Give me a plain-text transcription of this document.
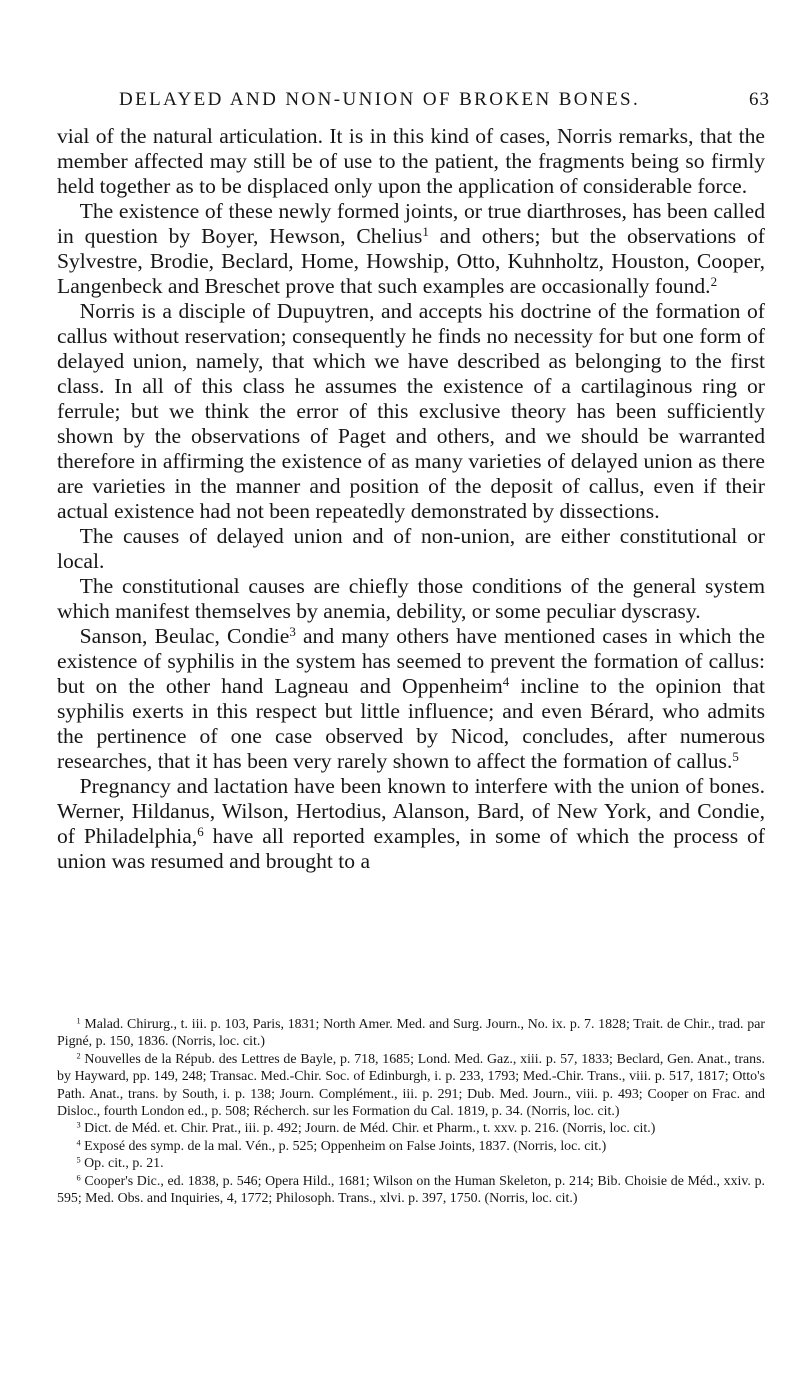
DELAYED AND NON-UNION OF BROKEN BONES.	63

vial of the natural articulation. It is in this kind of cases, Norris remarks, that the member affected may still be of use to the patient, the fragments being so firmly held together as to be displaced only upon the application of considerable force.

The existence of these newly formed joints, or true diarthroses, has been called in question by Boyer, Hewson, Chelius$^1$ and others; but the observations of Sylvestre, Brodie, Beclard, Home, Howship, Otto, Kuhnholtz, Houston, Cooper, Langenbeck and Breschet prove that such examples are occasionally found.$^2$

Norris is a disciple of Dupuytren, and accepts his doctrine of the formation of callus without reservation; consequently he finds no necessity for but one form of delayed union, namely, that which we have described as belonging to the first class. In all of this class he assumes the existence of a cartilaginous ring or ferrule; but we think the error of this exclusive theory has been sufficiently shown by the observations of Paget and others, and we should be warranted therefore in affirming the existence of as many varieties of delayed union as there are varieties in the manner and position of the deposit of callus, even if their actual existence had not been repeatedly demonstrated by dissections.

The causes of delayed union and of non-union, are either constitutional or local.

The constitutional causes are chiefly those conditions of the general system which manifest themselves by anemia, debility, or some peculiar dyscrasy.

Sanson, Beulac, Condie$^3$ and many others have mentioned cases in which the existence of syphilis in the system has seemed to prevent the formation of callus: but on the other hand Lagneau and Oppenheim$^4$ incline to the opinion that syphilis exerts in this respect but little influence; and even Bérard, who admits the pertinence of one case observed by Nicod, concludes, after numerous researches, that it has been very rarely shown to affect the formation of callus.$^5$

Pregnancy and lactation have been known to interfere with the union of bones. Werner, Hildanus, Wilson, Hertodius, Alanson, Bard, of New York, and Condie, of Philadelphia,$^6$ have all reported examples, in some of which the process of union was resumed and brought to a

$^1$ Malad. Chirurg., t. iii. p. 103, Paris, 1831; North Amer. Med. and Surg. Journ., No. ix. p. 7. 1828; Trait. de Chir., trad. par Pigné, p. 150, 1836. (Norris, loc. cit.)

$^2$ Nouvelles de la Répub. des Lettres de Bayle, p. 718, 1685; Lond. Med. Gaz., xiii. p. 57, 1833; Beclard, Gen. Anat., trans. by Hayward, pp. 149, 248; Transac. Med.-Chir. Soc. of Edinburgh, i. p. 233, 1793; Med.-Chir. Trans., viii. p. 517, 1817; Otto's Path. Anat., trans. by South, i. p. 138; Journ. Complément., iii. p. 291; Dub. Med. Journ., viii. p. 493; Cooper on Frac. and Disloc., fourth London ed., p. 508; Récherch. sur les Formation du Cal. 1819, p. 34. (Norris, loc. cit.)

$^3$ Dict. de Méd. et. Chir. Prat., iii. p. 492; Journ. de Méd. Chir. et Pharm., t. xxv. p. 216. (Norris, loc. cit.)

$^4$ Exposé des symp. de la mal. Vén., p. 525; Oppenheim on False Joints, 1837. (Norris, loc. cit.)

$^5$ Op. cit., p. 21.

$^6$ Cooper's Dic., ed. 1838, p. 546; Opera Hild., 1681; Wilson on the Human Skeleton, p. 214; Bib. Choisie de Méd., xxiv. p. 595; Med. Obs. and Inquiries, 4, 1772; Philosoph. Trans., xlvi. p. 397, 1750. (Norris, loc. cit.)
